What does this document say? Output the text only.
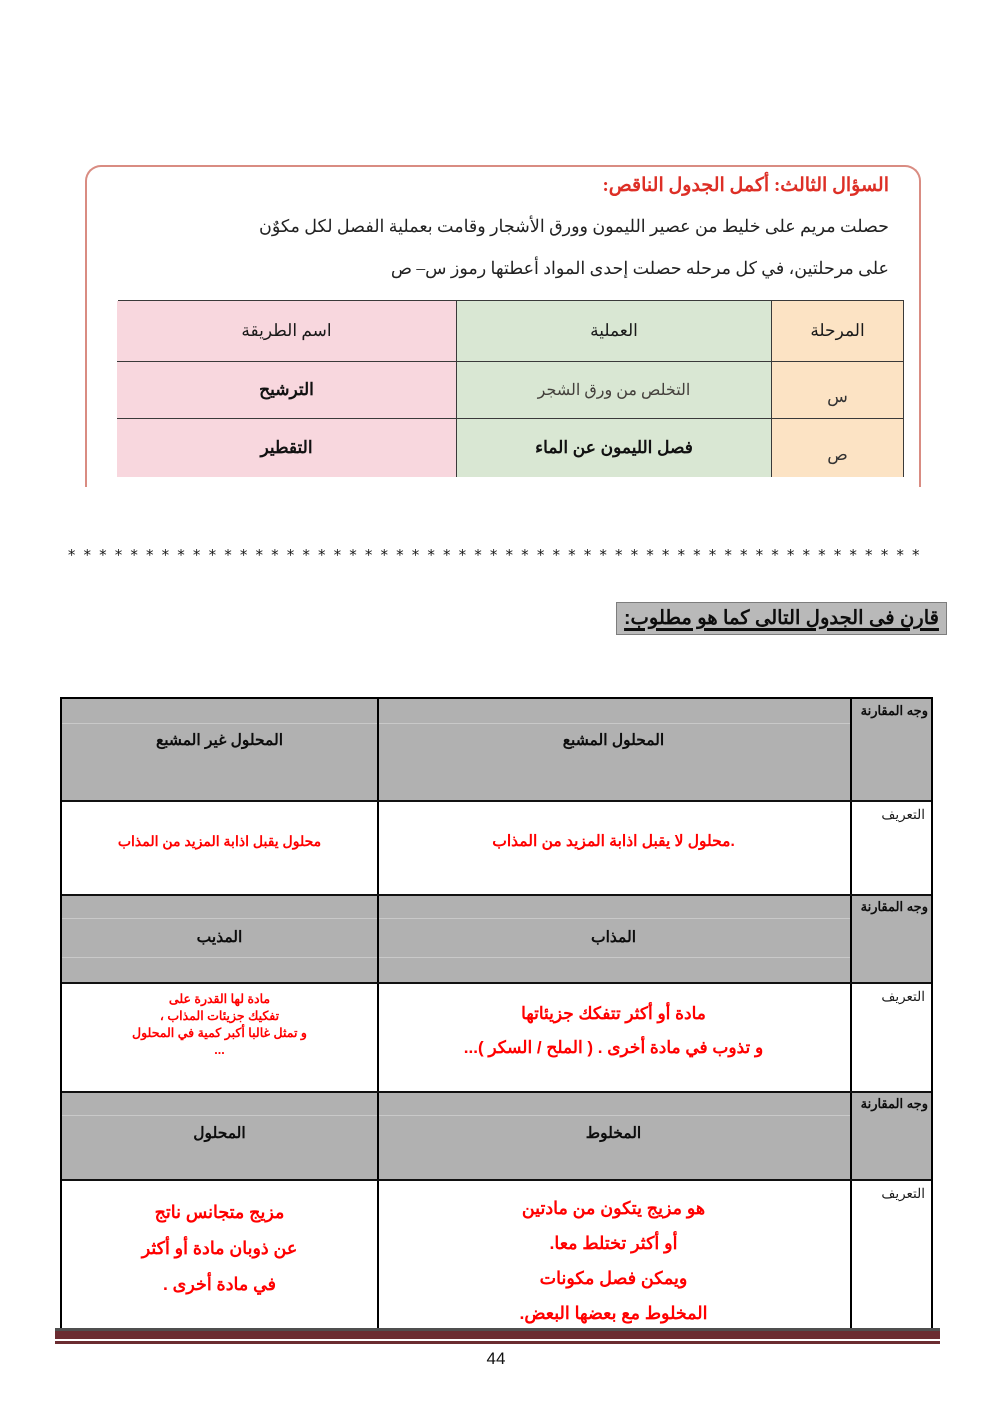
السؤال الثالث: أكمل الجدول الناقص:
حصلت مريم على خليط من عصير الليمون وورق الأشجار وقامت بعملية الفصل لكل مكوٌن
على مرحلتين، في كل مرحله حصلت إحدى المواد أعطتها رموز س– ص
المرحلة
العملية
اسم الطريقة
س
التخلص من ورق الشجر
الترشيح
ص
فصل الليمون عن الماء
التقطير
*******************************************************
قارن فى الجدول التالى كما هو مطلوب:
وجه المقارنة
وجه المقارنة
وجه المقارنة
التعريف
التعريف
التعريف
المحلول المشبع
المحلول غير المشبع
.محلول لا يقبل اذابة المزيد من المذاب
محلول يقبل اذابة المزيد من المذاب
المذاب
المذيب
مادة أو أكثر تتفكك جزيئاتها
و تذوب في مادة أخرى . ( الملح / السكر )...
مادة لها القدرة على
تفكيك جزيئات المذاب ،
و تمثل غالبا أكبر كمية في المحلول
...
المخلوط
المحلول
هو مزيج يتكون من مادتين
أو أكثر تختلط معا.
ويمكن فصل مكونات
المخلوط مع بعضها البعض.
مزيج متجانس ناتج
عن ذوبان مادة أو أكثر
في مادة أخرى .
44
